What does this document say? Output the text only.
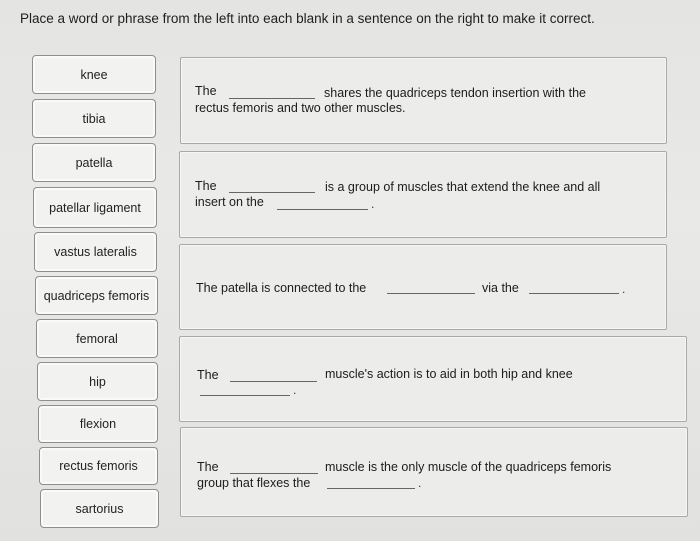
Place a word or phrase from the left into each blank in a sentence on the right to make it correct.
knee
tibia
patella
patellar ligament
vastus lateralis
quadriceps femoris
femoral
hip
flexion
rectus femoris
sartorius
The	shares the quadriceps tendon insertion with the
rectus femoris and two other muscles.
The	is a group of muscles that extend the knee and all
insert on the	.
The patella is connected to the	via the	.
The	muscle's action is to aid in both hip and knee
.
The	muscle is the only muscle of the quadriceps femoris
group that flexes the	.
